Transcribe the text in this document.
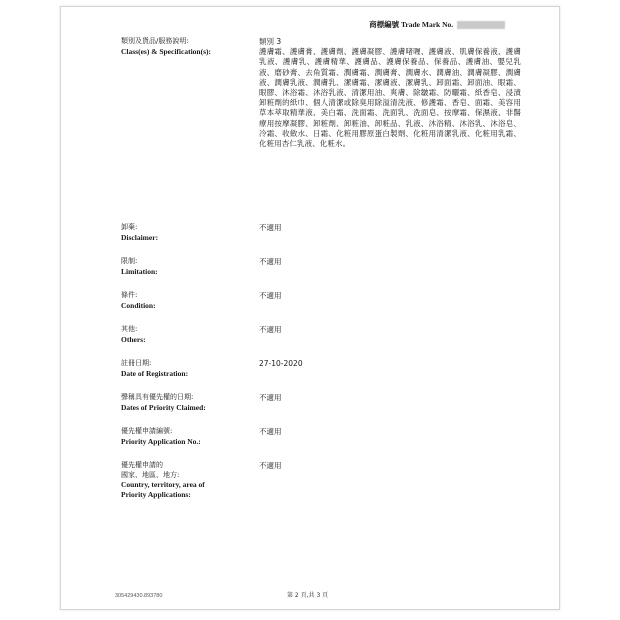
商標編號 Trade Mark No.
類別及貨品/服務說明:
Class(es) & Specification(s):
類別 3
護膚霜、護膚膏、護膚劑、護膚凝膠、護膚啫喱、護膚液、肌膚保養液、護膚乳液、護膚乳、護膚精華、護膚品、護膚保養品、保養品、護膚油、嬰兒乳液、磨砂膏、去角質霜、潤膚霜、潤膚膏、潤膚水、潤膚油、潤膚凝膠、潤膚液、潤膚乳液、潤膚乳、潔膚霜、潔膚液、潔膚乳、卸面霜、卸面油、眼霜、眼膠、沐浴霜、沐浴乳液、清潔用油、爽膚、除皺霜、防曬霜、紙香皂、浸漬卸粧劑的紙巾、個人清潔或除臭用除溢清洗液、修護霜、香皂、面霜、美容用草本萃取精華液、美白霜、洗面霜、洗面乳、洗面皂、按摩霜、保濕液、非醫療用按摩凝膠、卸粧劑、卸粧油、卸粧品、乳液、沐浴精、沐浴乳、沐浴皂、冷霜、收斂水、日霜、化粧用膠原蛋白製劑、化粧用清潔乳液、化粧用乳霜、化粧用杏仁乳液、化粧水。
卸棄:
Disclaimer:
不適用
限制:
Limitation:
不適用
條件:
Condition:
不適用
其他:
Others:
不適用
註冊日期:
Date of Registration:
27-10-2020
聲稱具有優先權的日期:
Dates of Priority Claimed:
不適用
優先權申請編號:
Priority Application No.:
不適用
優先權申請的
國家、地區、地方:
Country, territory, area of
Priority Applications:
不適用
305429430.893780	第 2 頁,共 3 頁
